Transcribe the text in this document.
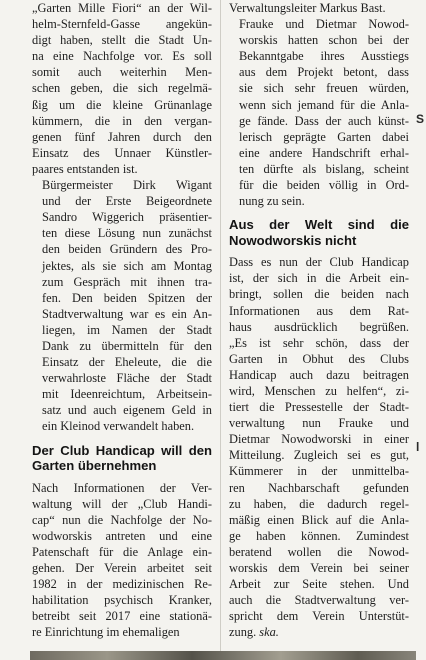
„Garten Mille Fiori“ an der Wil-
helm-Sternfeld-Gasse angekün-
digt haben, stellt die Stadt Un-
na eine Nachfolge vor. Es soll
somit auch weiterhin Men-
schen geben, die sich regelmä-
ßig um die kleine Grünanlage
kümmern, die in den vergan-
genen fünf Jahren durch den
Einsatz des Unnaer Künstler-
paares entstanden ist.

Bürgermeister Dirk Wigant
und der Erste Beigeordnete
Sandro Wiggerich präsentier-
ten diese Lösung nun zunächst
den beiden Gründern des Pro-
jektes, als sie sich am Montag
zum Gespräch mit ihnen tra-
fen. Den beiden Spitzen der
Stadtverwaltung war es ein An-
liegen, im Namen der Stadt
Dank zu übermitteln für den
Einsatz der Eheleute, die die
verwahrloste Fläche der Stadt
mit Ideenreichtum, Arbeitsein-
satz und auch eigenem Geld in
ein Kleinod verwandelt haben.

Der Club Handicap will den Garten übernehmen

Nach Informationen der Ver-
waltung will der „Club Handi-
cap“ nun die Nachfolge der No-
wodworskis antreten und eine
Patenschaft für die Anlage ein-
gehen. Der Verein arbeitet seit
1982 in der medizinischen Re-
habilitation psychisch Kranker,
betreibt seit 2017 eine stationä-
re Einrichtung im ehemaligen

Verwaltungsleiter Markus Bast.

Frauke und Dietmar Nowod-
worskis hatten schon bei der
Bekanntgabe ihres Ausstiegs
aus dem Projekt betont, dass
sie sich sehr freuen würden,
wenn sich jemand für die Anla-
ge fände. Dass der auch künst-
lerisch geprägte Garten dabei
eine andere Handschrift erhal-
ten dürfte als bislang, scheint
für die beiden völlig in Ord-
nung zu sein.

Aus der Welt sind die Nowodworskis nicht

Dass es nun der Club Handicap
ist, der sich in die Arbeit ein-
bringt, sollen die beiden nach
Informationen aus dem Rat-
haus ausdrücklich begrüßen.
„Es ist sehr schön, dass der
Garten in Obhut des Clubs
Handicap auch dazu beitragen
wird, Menschen zu helfen“, zi-
tiert die Pressestelle der Stadt-
verwaltung nun Frauke und
Dietmar Nowodworski in einer
Mitteilung. Zugleich sei es gut,
Kümmerer in der unmittelba-
ren Nachbarschaft gefunden
zu haben, die dadurch regel-
mäßig einen Blick auf die Anla-
ge haben können. Zumindest
beratend wollen die Nowod-
worskis dem Verein bei seiner
Arbeit zur Seite stehen. Und
auch die Stadtverwaltung ver-
spricht dem Verein Unterstüt-
zung. ska.

S
l
